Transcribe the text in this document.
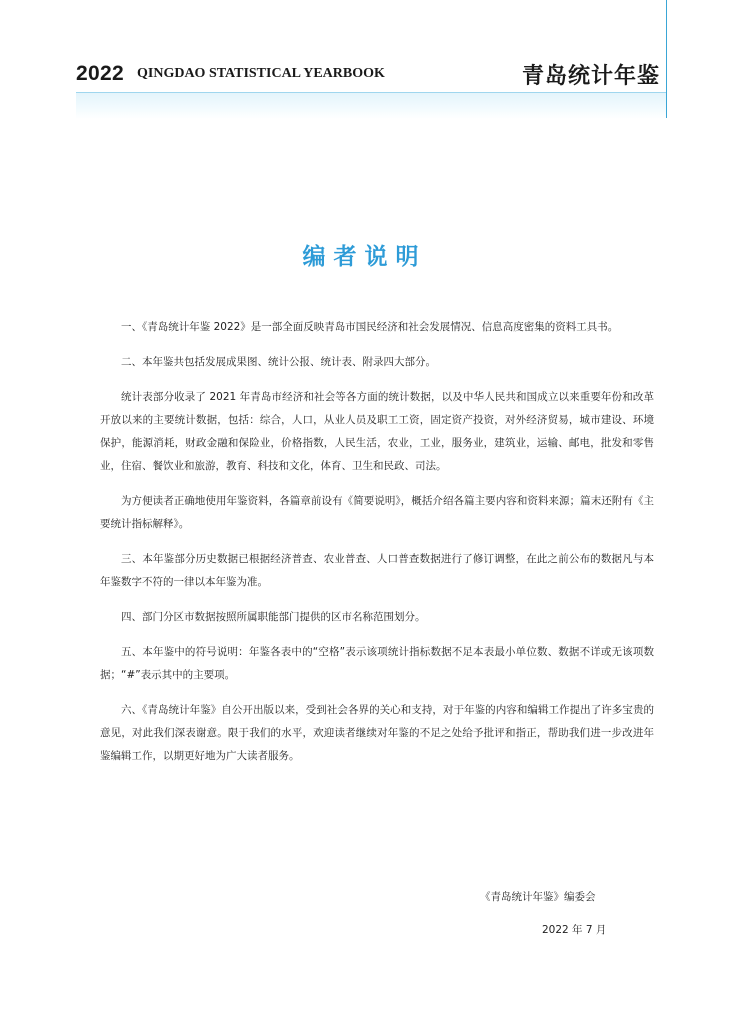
2022 QINGDAO STATISTICAL YEARBOOK	青岛统计年鉴
编者说明

一、《青岛统计年鉴 2022》是一部全面反映青岛市国民经济和社会发展情况、信息高度密集的资料工具书。

二、本年鉴共包括发展成果图、统计公报、统计表、附录四大部分。

统计表部分收录了 2021 年青岛市经济和社会等各方面的统计数据，以及中华人民共和国成立以来重要年份和改革开放以来的主要统计数据，包括：综合，人口，从业人员及职工工资，固定资产投资，对外经济贸易，城市建设、环境保护，能源消耗，财政金融和保险业，价格指数，人民生活，农业，工业，服务业，建筑业，运输、邮电，批发和零售业，住宿、餐饮业和旅游，教育、科技和文化，体育、卫生和民政、司法。

为方便读者正确地使用年鉴资料，各篇章前设有《简要说明》，概括介绍各篇主要内容和资料来源；篇末还附有《主要统计指标解释》。

三、本年鉴部分历史数据已根据经济普查、农业普查、人口普查数据进行了修订调整，在此之前公布的数据凡与本年鉴数字不符的一律以本年鉴为准。

四、部门分区市数据按照所属职能部门提供的区市名称范围划分。

五、本年鉴中的符号说明：年鉴各表中的“空格”表示该项统计指标数据不足本表最小单位数、数据不详或无该项数据；“#”表示其中的主要项。

六、《青岛统计年鉴》自公开出版以来，受到社会各界的关心和支持，对于年鉴的内容和编辑工作提出了许多宝贵的意见，对此我们深表谢意。限于我们的水平，欢迎读者继续对年鉴的不足之处给予批评和指正，帮助我们进一步改进年鉴编辑工作，以期更好地为广大读者服务。

《青岛统计年鉴》编委会
2022 年 7 月
